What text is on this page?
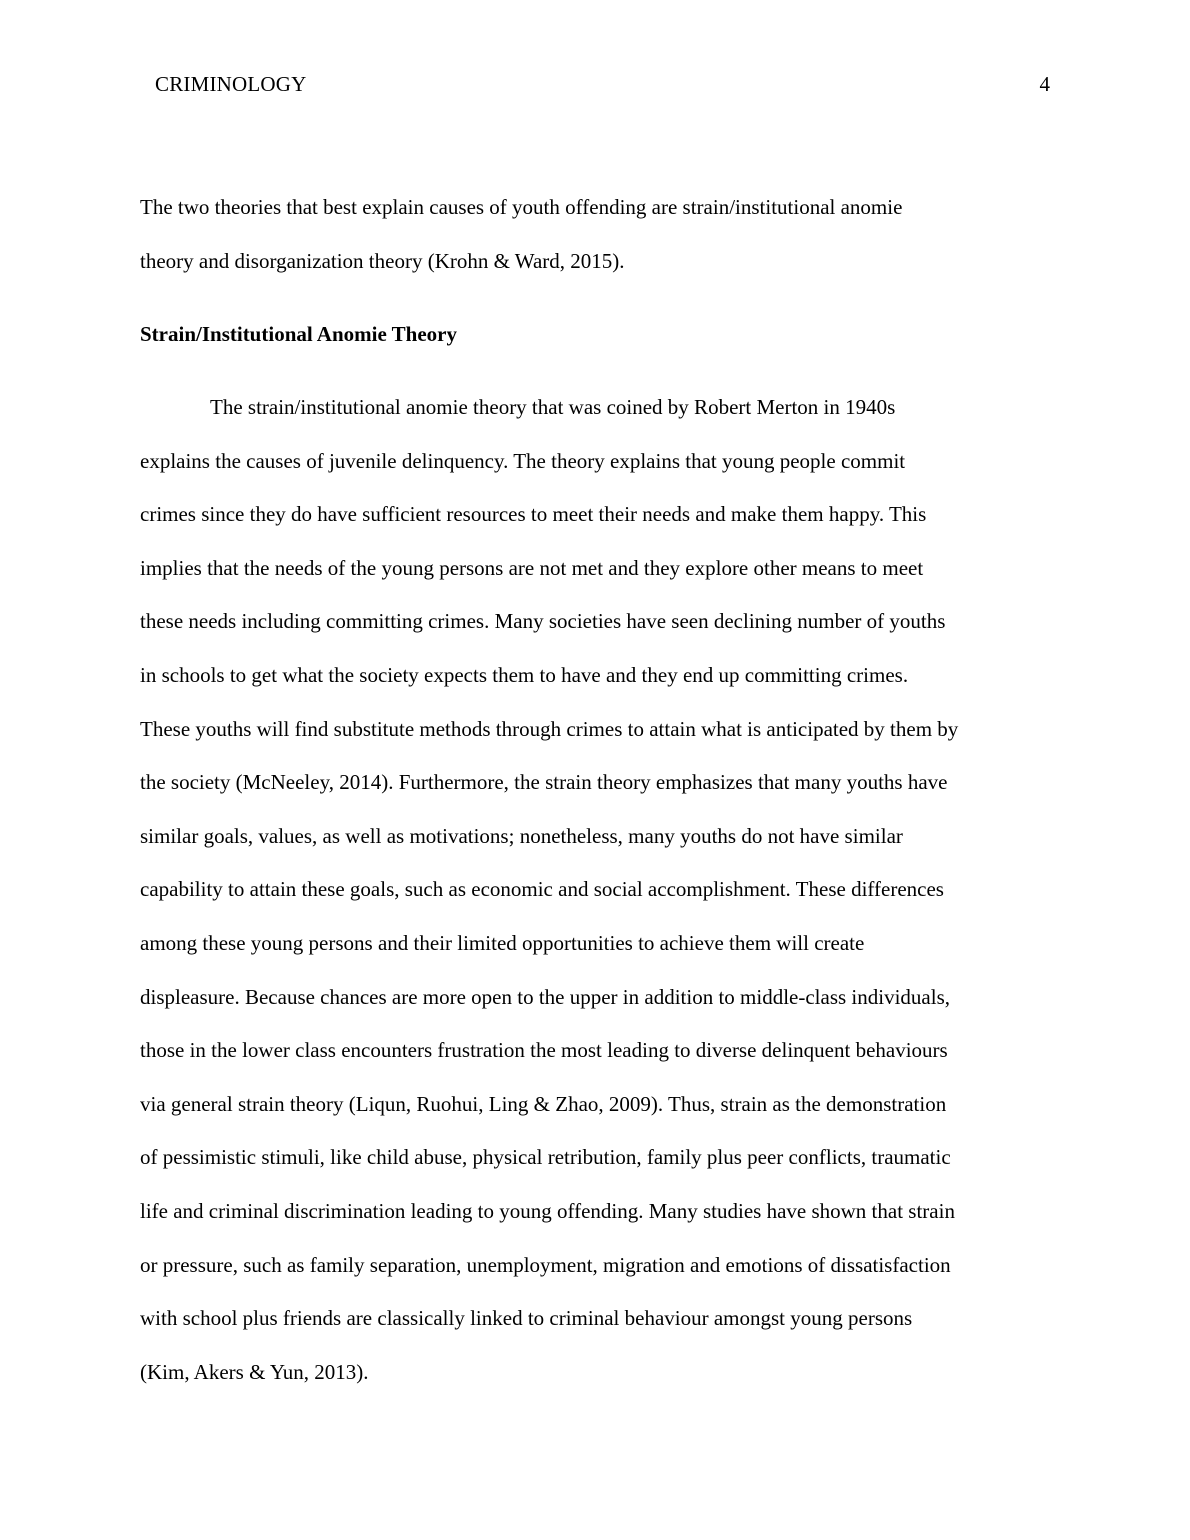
CRIMINOLOGY	4
The two theories that best explain causes of youth offending are strain/institutional anomie
theory and disorganization theory (Krohn & Ward, 2015).
Strain/Institutional Anomie Theory
The strain/institutional anomie theory that was coined by Robert Merton in 1940s
explains the causes of juvenile delinquency. The theory explains that young people commit
crimes since they do have sufficient resources to meet their needs and make them happy. This
implies that the needs of the young persons are not met and they explore other means to meet
these needs including committing crimes. Many societies have seen declining number of youths
in schools to get what the society expects them to have and they end up committing crimes.
These youths will find substitute methods through crimes to attain what is anticipated by them by
the society (McNeeley, 2014). Furthermore, the strain theory emphasizes that many youths have
similar goals, values, as well as motivations; nonetheless, many youths do not have similar
capability to attain these goals, such as economic and social accomplishment. These differences
among these young persons and their limited opportunities to achieve them will create
displeasure. Because chances are more open to the upper in addition to middle-class individuals,
those in the lower class encounters frustration the most leading to diverse delinquent behaviours
via general strain theory (Liqun, Ruohui, Ling & Zhao, 2009). Thus, strain as the demonstration
of pessimistic stimuli, like child abuse, physical retribution, family plus peer conflicts, traumatic
life and criminal discrimination leading to young offending. Many studies have shown that strain
or pressure, such as family separation, unemployment, migration and emotions of dissatisfaction
with school plus friends are classically linked to criminal behaviour amongst young persons
(Kim, Akers & Yun, 2013).
